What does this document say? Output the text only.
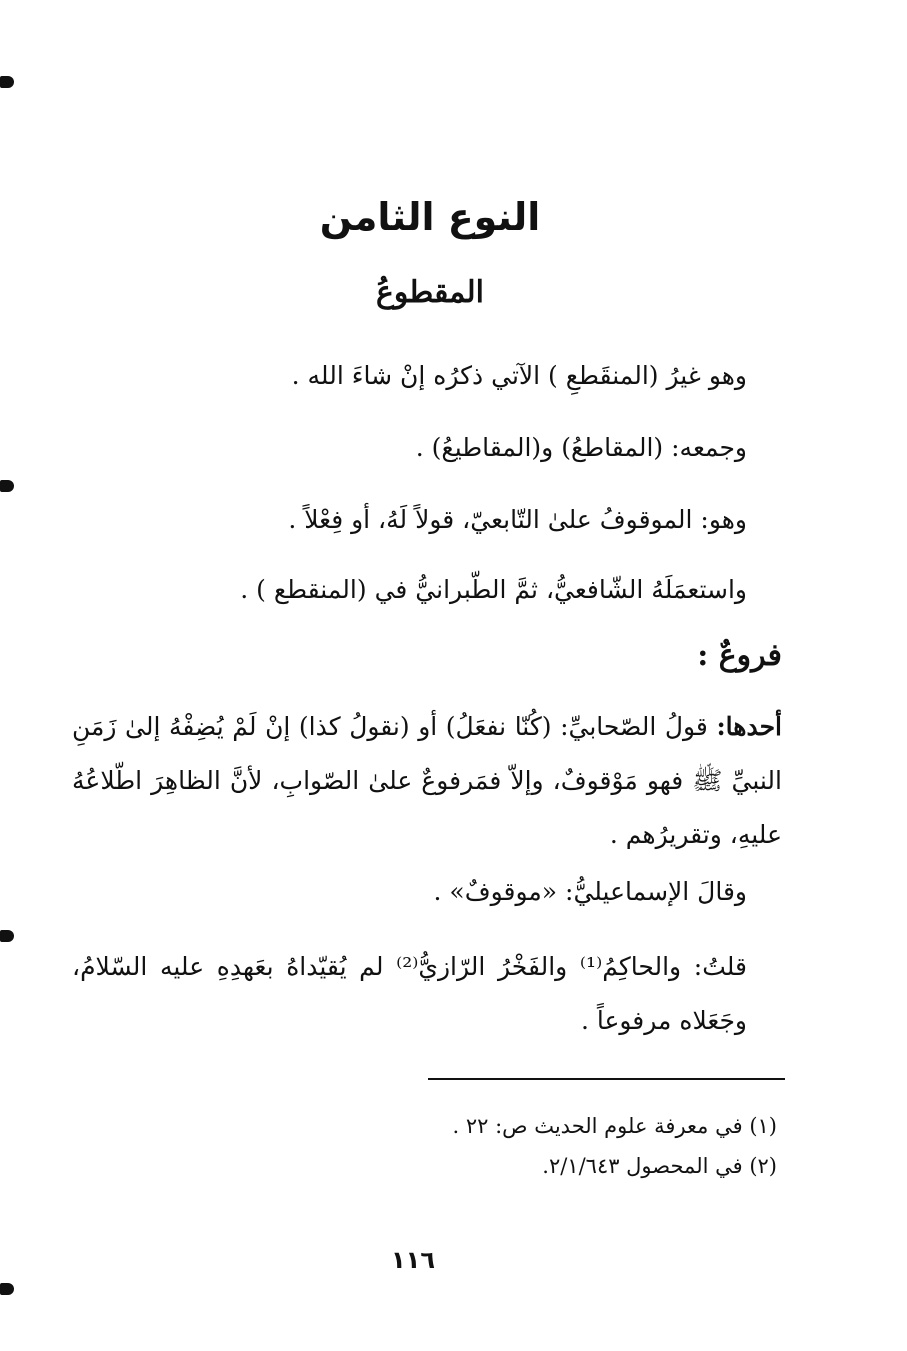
النوع الثامن
المقطوعُ
وهو غيرُ (المنقَطعِ ) الآتي ذكرُه إنْ شاءَ الله .
وجمعه: (المقاطعُ) و(المقاطيعُ) .
وهو: الموقوفُ علىٰ التّابعيّ، قولاً لَهُ، أو فِعْلاً .
واستعمَلَهُ الشّافعيُّ، ثمَّ الطّبرانيُّ في (المنقطع ) .
فروعٌ :
أحدها: قولُ الصّحابيِّ: (كُنّا نفعَلُ) أو (نقولُ كذا) إنْ لَمْ يُضِفْهُ إلىٰ زَمَنِ النبيِّ ﷺ فهو مَوْقوفٌ، وإلاّ فمَرفوعٌ علىٰ الصّوابِ، لأنَّ الظاهِرَ اطّلاعُهُ عليهِ، وتقريرُهم .
وقالَ الإسماعيليُّ: «موقوفٌ» .
قلتُ: والحاكِمُ⁽¹⁾ والفَخْرُ الرّازيُّ⁽²⁾ لم يُقيّداهُ بعَهدِهِ عليه السّلامُ، وجَعَلاه مرفوعاً .
(١) في معرفة علوم الحديث ص: ٢٢ .
(٢) في المحصول ٢/١/٦٤٣.
١١٦
